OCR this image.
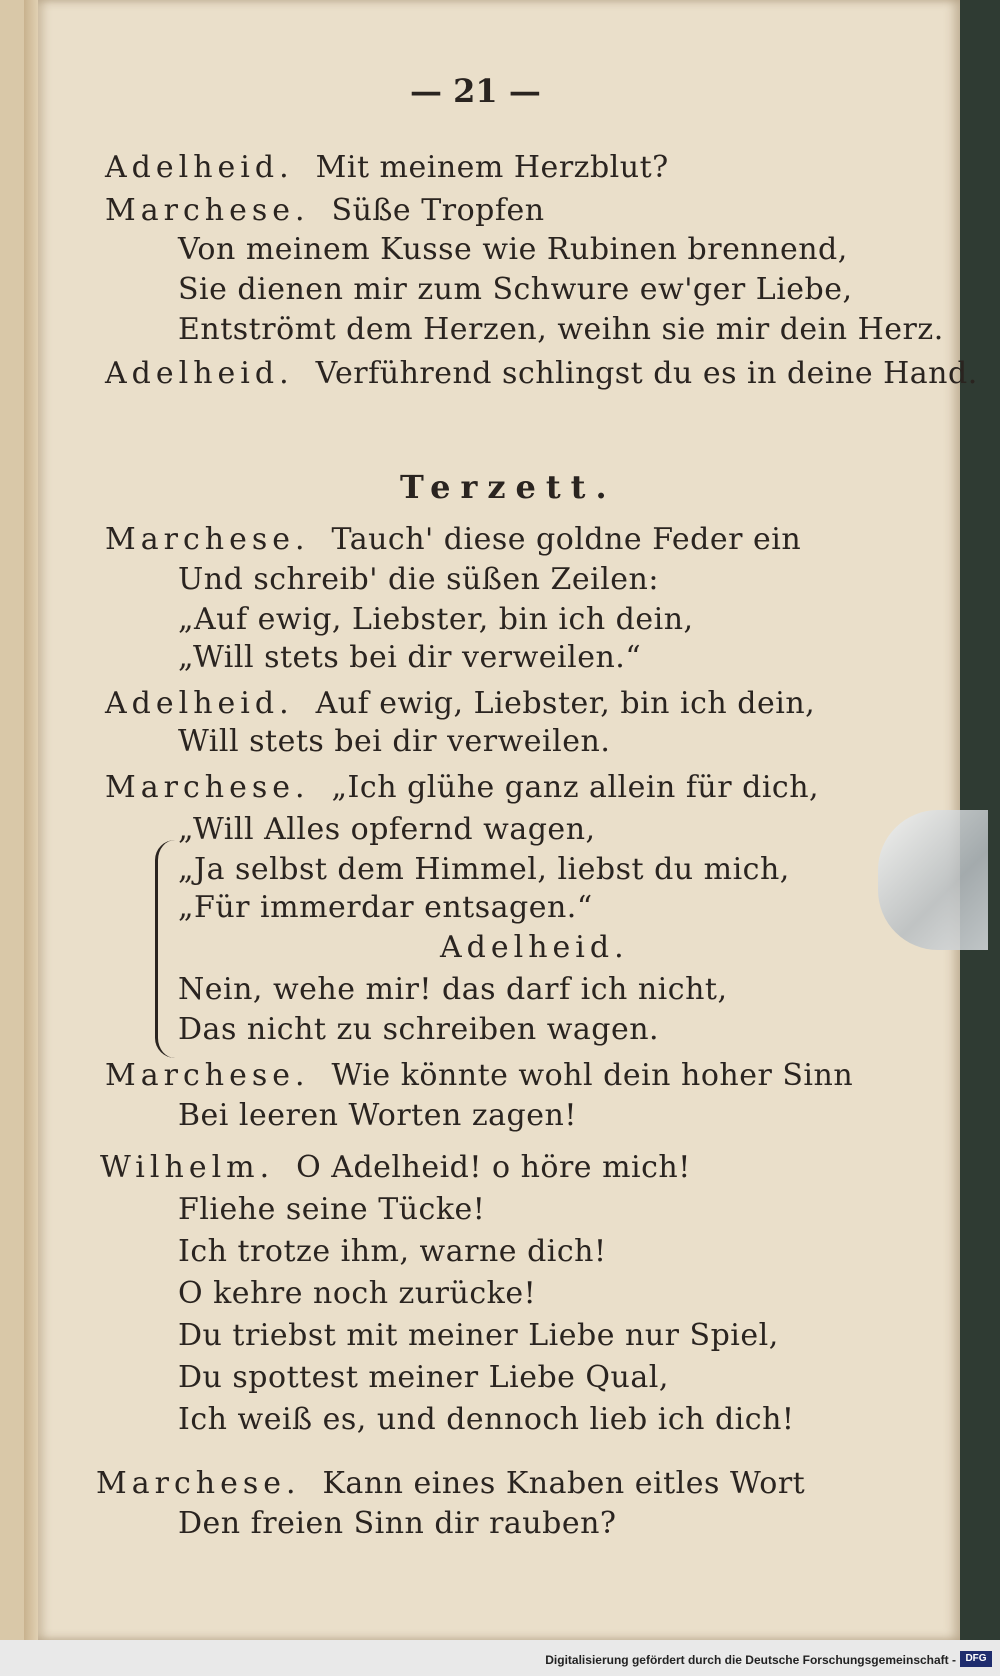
— 21 —
Terzett.
Adelheid. Mit meinem Herzblut?
Marchese. Süße Tropfen
Von meinem Kusse wie Rubinen brennend,
Sie dienen mir zum Schwure ew'ger Liebe,
Entströmt dem Herzen, weihn sie mir dein Herz.
Adelheid. Verführend schlingst du es in deine Hand.
Marchese. Tauch' diese goldne Feder ein
Und schreib' die süßen Zeilen:
„Auf ewig, Liebster, bin ich dein,
„Will stets bei dir verweilen.“
Adelheid. Auf ewig, Liebster, bin ich dein,
Will stets bei dir verweilen.
Marchese. „Ich glühe ganz allein für dich,
„Will Alles opfernd wagen,
„Ja selbst dem Himmel, liebst du mich,
„Für immerdar entsagen.“
Adelheid.
Nein, wehe mir! das darf ich nicht,
Das nicht zu schreiben wagen.
Marchese. Wie könnte wohl dein hoher Sinn
Bei leeren Worten zagen!
Wilhelm. O Adelheid! o höre mich!
Fliehe seine Tücke!
Ich trotze ihm, warne dich!
O kehre noch zurücke!
Du triebst mit meiner Liebe nur Spiel,
Du spottest meiner Liebe Qual,
Ich weiß es, und dennoch lieb ich dich!
Marchese. Kann eines Knaben eitles Wort
Den freien Sinn dir rauben?
Digitalisierung gefördert durch die Deutsche Forschungsgemeinschaft - DFG
